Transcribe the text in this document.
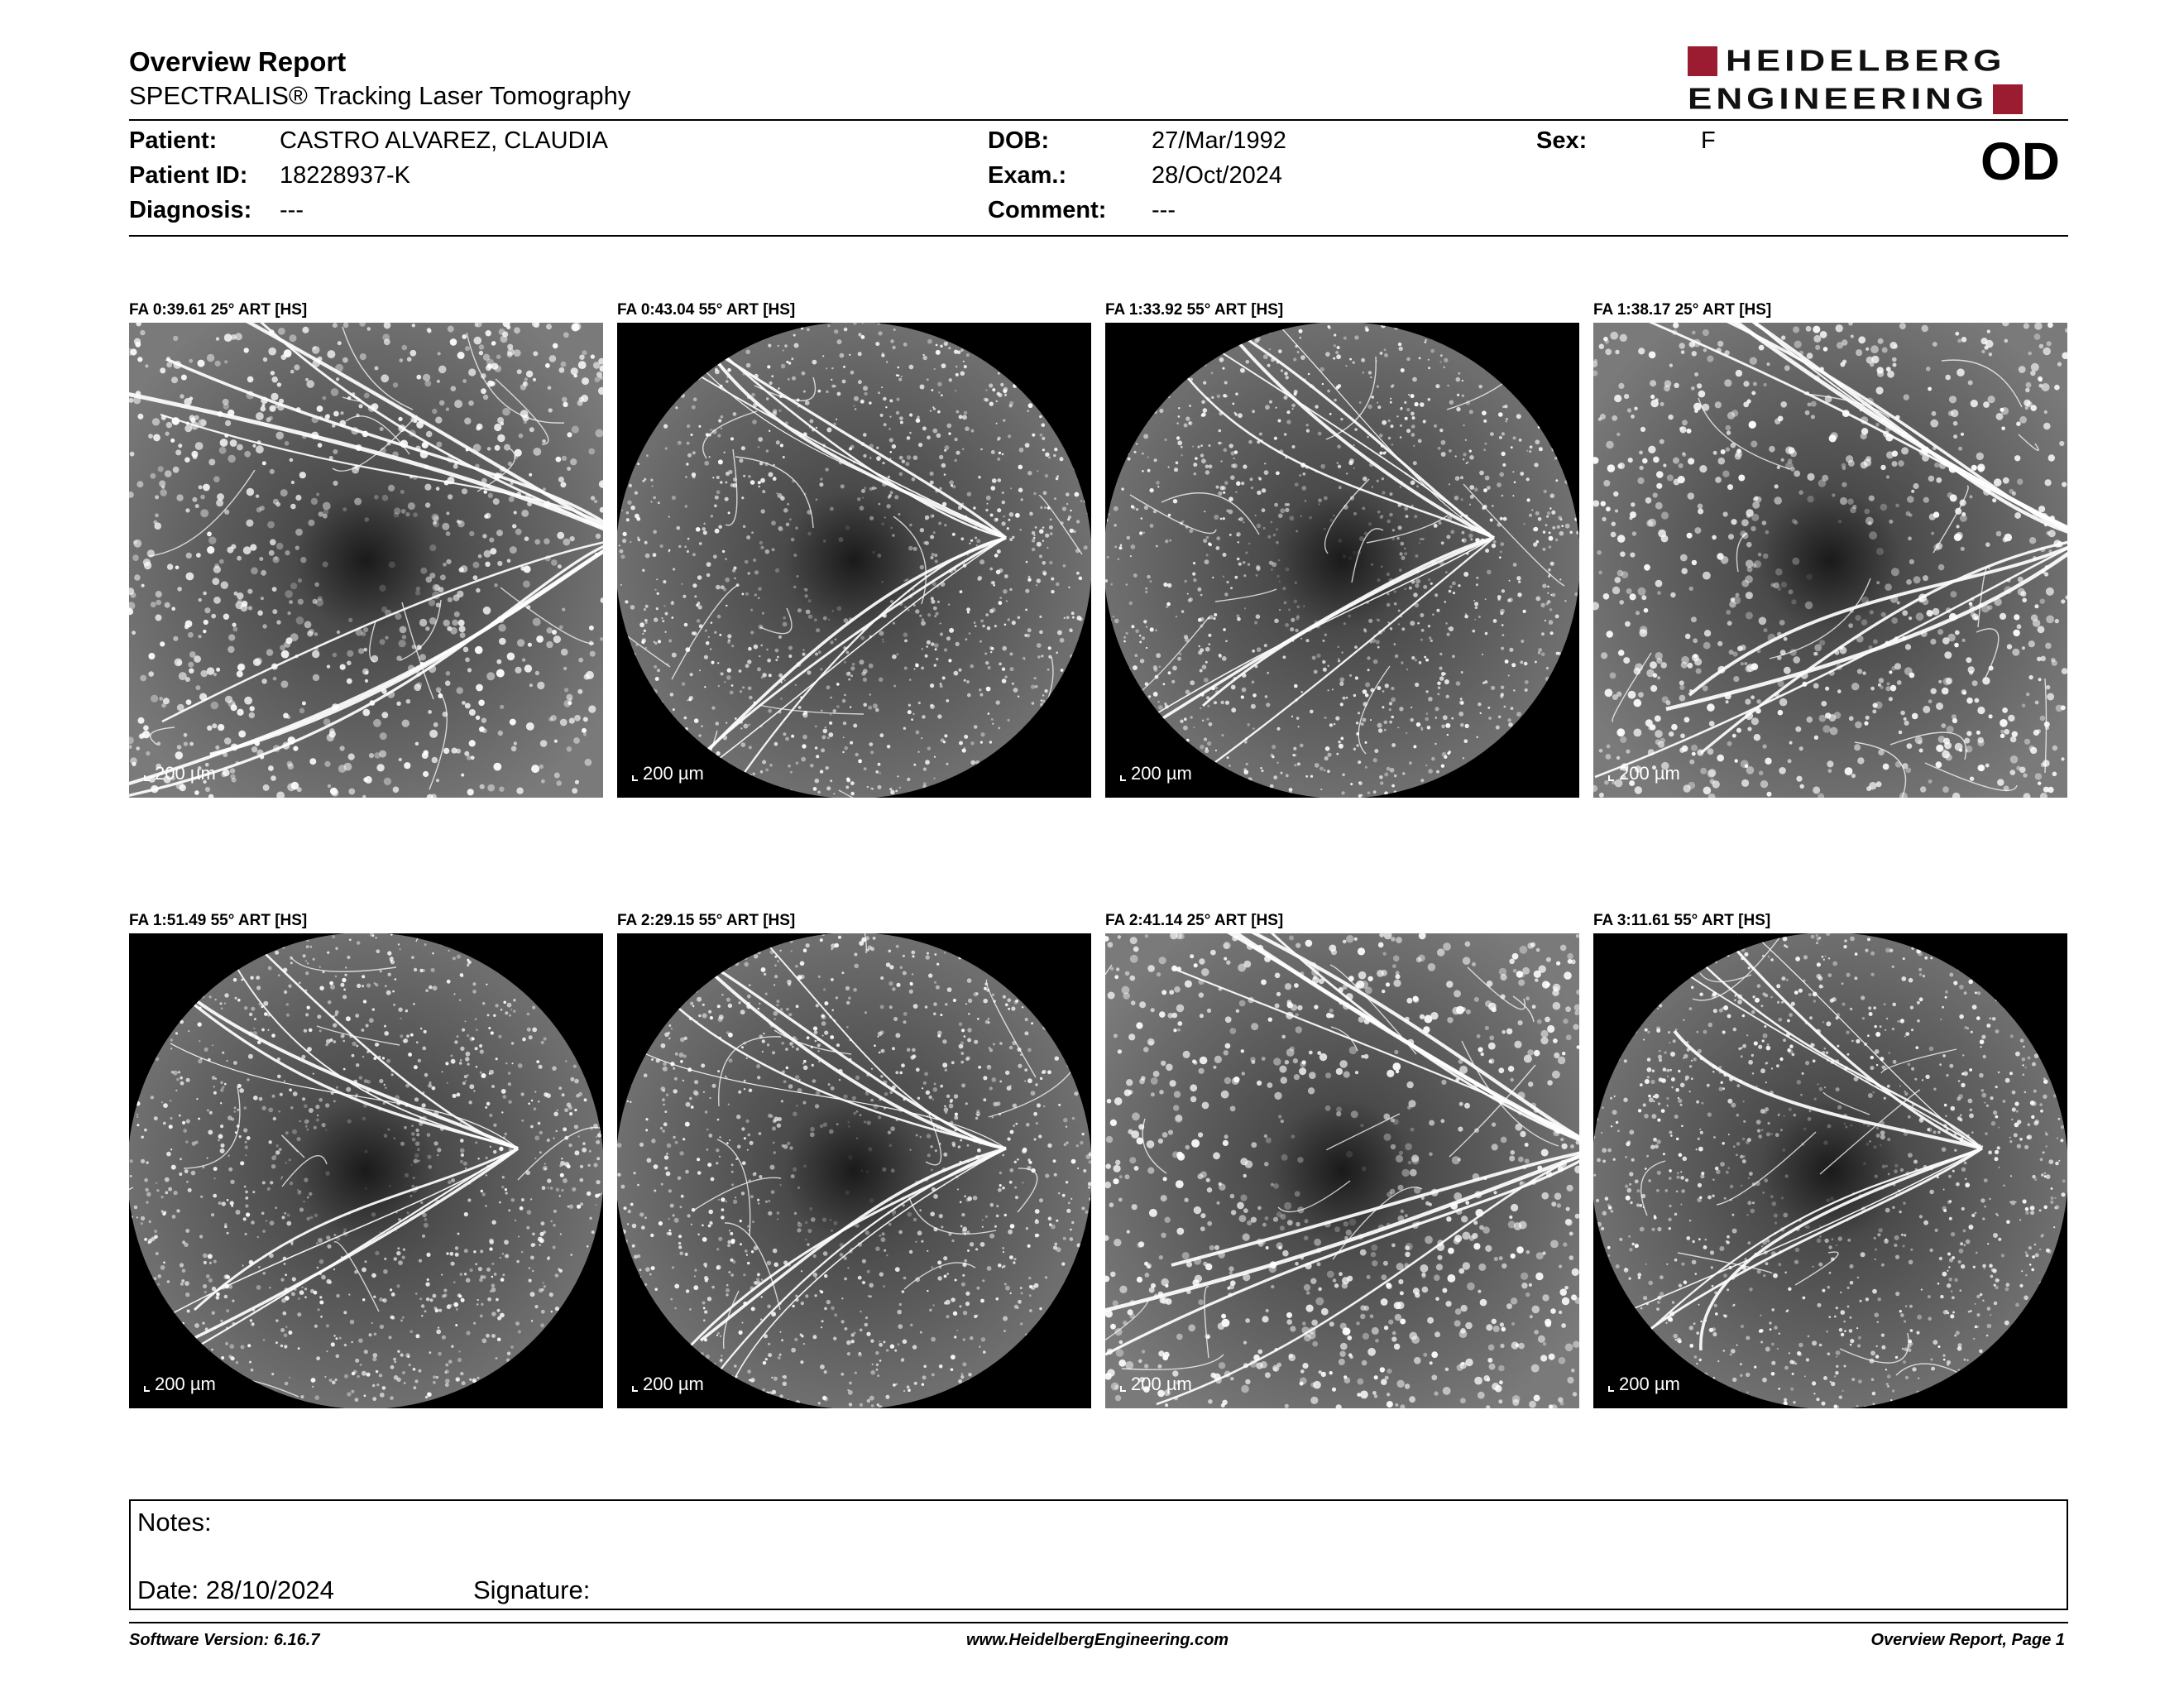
Overview Report
SPECTRALIS® Tracking Laser Tomography
HEIDELBERG
ENGINEERING
Patient:	CASTRO ALVAREZ, CLAUDIA
Patient ID: 18228937-K
Diagnosis: ---
DOB:	27/Mar/1992
Exam.:	28/Oct/2024
Comment: ---
Sex:	F	OD
FA 0:39.61 25° ART [HS]
200 µm
FA 0:43.04 55° ART [HS]
200 µm
FA 1:33.92 55° ART [HS]
200 µm
FA 1:38.17 25° ART [HS]
200 µm
FA 1:51.49 55° ART [HS]
200 µm
FA 2:29.15 55° ART [HS]
200 µm
FA 2:41.14 25° ART [HS]
200 µm
FA 3:11.61 55° ART [HS]
200 µm
Notes:
Date: 28/10/2024	Signature:
Software Version: 6.16.7	www.HeidelbergEngineering.com	Overview Report, Page 1
